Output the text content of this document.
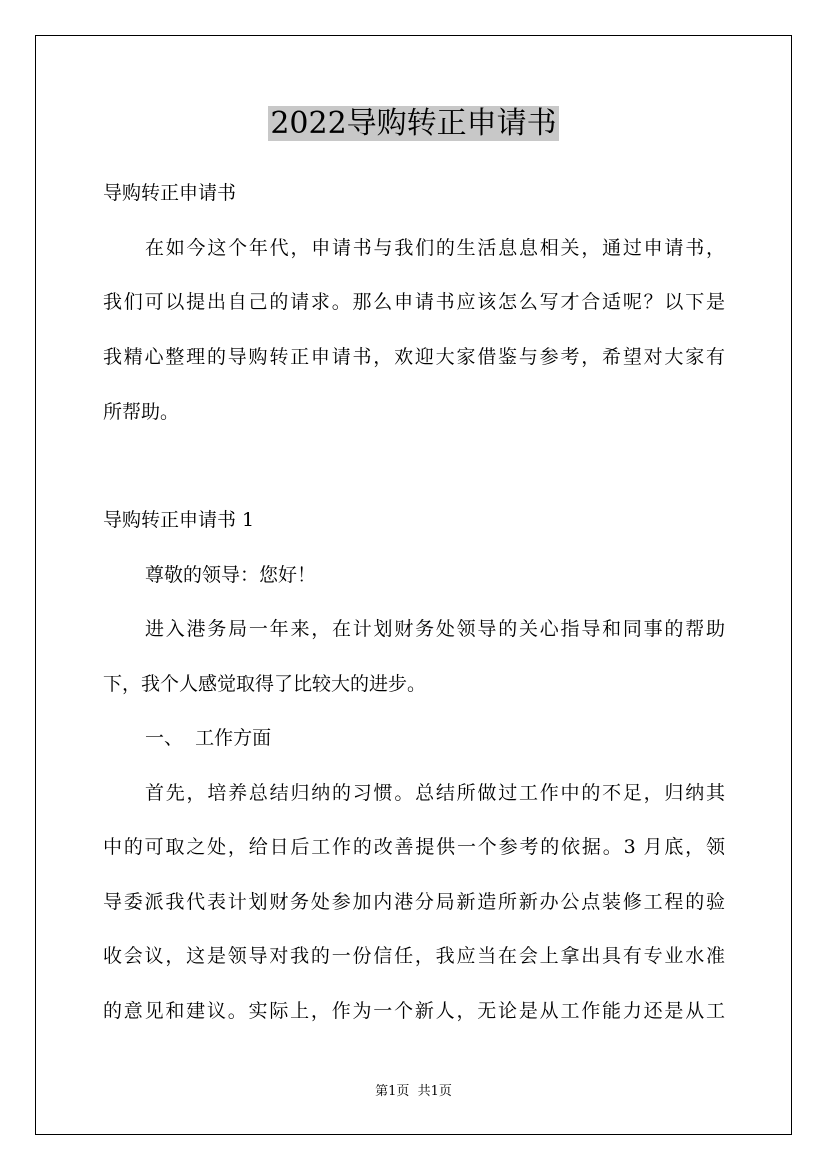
2022导购转正申请书
导购转正申请书
在如今这个年代，申请书与我们的生活息息相关，通过申请书，
我们可以提出自己的请求。那么申请书应该怎么写才合适呢？以下是
我精心整理的导购转正申请书，欢迎大家借鉴与参考，希望对大家有
所帮助。
导购转正申请书 1
尊敬的领导：您好！
进入港务局一年来，在计划财务处领导的关心指导和同事的帮助
下，我个人感觉取得了比较大的进步。
一、  工作方面
首先，培养总结归纳的习惯。总结所做过工作中的不足，归纳其
中的可取之处，给日后工作的改善提供一个参考的依据。3 月底，领
导委派我代表计划财务处参加内港分局新造所新办公点装修工程的验
收会议，这是领导对我的一份信任，我应当在会上拿出具有专业水准
的意见和建议。实际上，作为一个新人，无论是从工作能力还是从工
第1页  共1页
